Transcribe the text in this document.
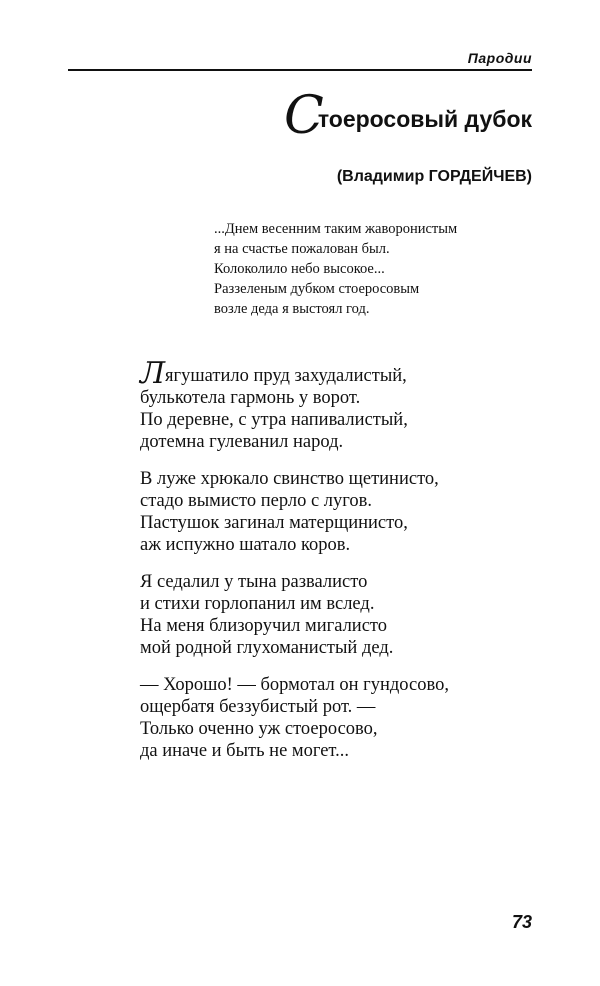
Пародии
Стоеросовый дубок
(Владимир ГОРДЕЙЧЕВ)
...Днем весенним таким жаворонистым
я на счастье пожалован был.
Колоколило небо высокое...
Раззеленым дубком стоеросовым
возле деда я выстоял год.
Лягушатило пруд захудалистый,
булькотела гармонь у ворот.
По деревне, с утра напивалистый,
дотемна гулеванил народ.
В луже хрюкало свинство щетинисто,
стадо вымисто перло с лугов.
Пастушок загинал матерщинисто,
аж испужно шатало коров.
Я седалил у тына развалисто
и стихи горлопанил им вслед.
На меня близоручил мигалисто
мой родной глухоманистый дед.
— Хорошо! — бормотал он гундосово,
ощербатя беззубистый рот. —
Только оченно уж стоеросово,
да иначе и быть не могет...
73
